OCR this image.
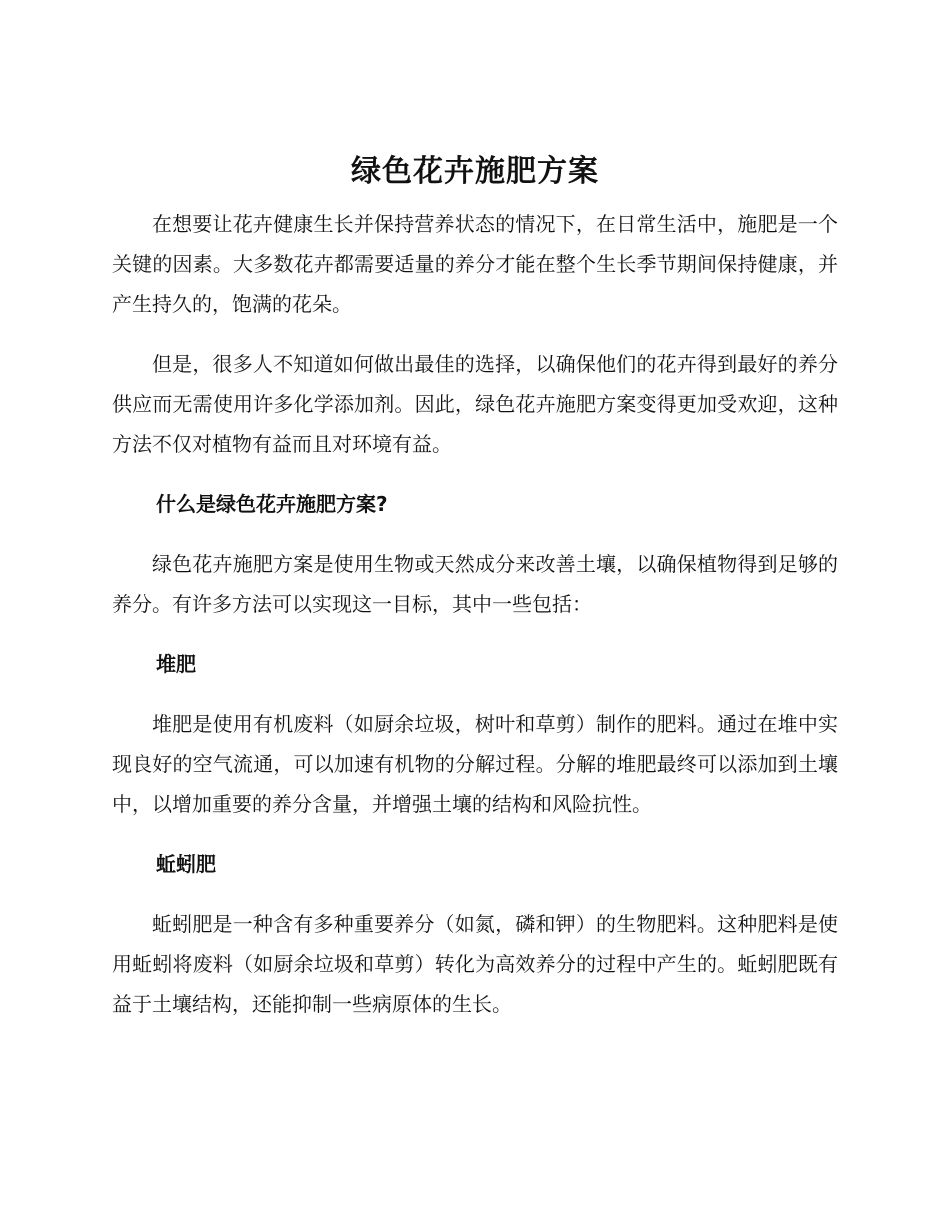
绿色花卉施肥方案

在想要让花卉健康生长并保持营养状态的情况下，在日常生活中，施肥是一个关键的因素。大多数花卉都需要适量的养分才能在整个生长季节期间保持健康，并产生持久的，饱满的花朵。

但是，很多人不知道如何做出最佳的选择，以确保他们的花卉得到最好的养分供应而无需使用许多化学添加剂。因此，绿色花卉施肥方案变得更加受欢迎，这种方法不仅对植物有益而且对环境有益。

什么是绿色花卉施肥方案?

绿色花卉施肥方案是使用生物或天然成分来改善土壤，以确保植物得到足够的养分。有许多方法可以实现这一目标，其中一些包括：

堆肥

堆肥是使用有机废料（如厨余垃圾，树叶和草剪）制作的肥料。通过在堆中实现良好的空气流通，可以加速有机物的分解过程。分解的堆肥最终可以添加到土壤中，以增加重要的养分含量，并增强土壤的结构和风险抗性。

蚯蚓肥

蚯蚓肥是一种含有多种重要养分（如氮，磷和钾）的生物肥料。这种肥料是使用蚯蚓将废料（如厨余垃圾和草剪）转化为高效养分的过程中产生的。蚯蚓肥既有益于土壤结构，还能抑制一些病原体的生长。
